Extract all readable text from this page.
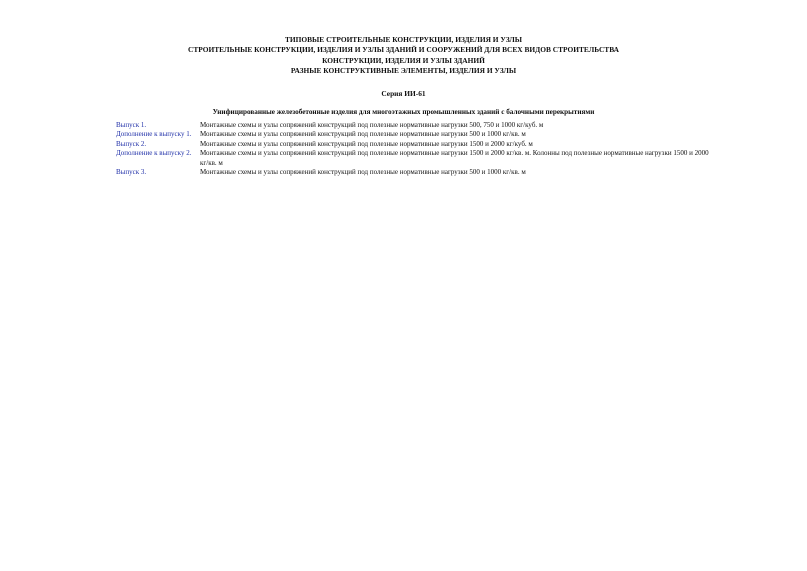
ТИПОВЫЕ СТРОИТЕЛЬНЫЕ КОНСТРУКЦИИ, ИЗДЕЛИЯ И УЗЛЫ
СТРОИТЕЛЬНЫЕ КОНСТРУКЦИИ, ИЗДЕЛИЯ И УЗЛЫ ЗДАНИЙ И СООРУЖЕНИЙ ДЛЯ ВСЕХ ВИДОВ СТРОИТЕЛЬСТВА
КОНСТРУКЦИИ, ИЗДЕЛИЯ И УЗЛЫ ЗДАНИЙ
РАЗНЫЕ КОНСТРУКТИВНЫЕ ЭЛЕМЕНТЫ, ИЗДЕЛИЯ И УЗЛЫ
Серия ИИ-61
Унифицированные железобетонные изделия для многоэтажных промышленных зданий с балочными перекрытиями
Выпуск 1.	Монтажные схемы и узлы сопряжений конструкций под полезные нормативные нагрузки 500, 750 и 1000 кг/куб. м
Дополнение к выпуску 1.	Монтажные схемы и узлы сопряжений конструкций под полезные нормативные нагрузки 500 и 1000 кг/кв. м
Выпуск 2.	Монтажные схемы и узлы сопряжений конструкций под полезные нормативные нагрузки 1500 и 2000 кг/куб. м
Дополнение к выпуску 2.	Монтажные схемы и узлы сопряжений конструкций под полезные нормативные нагрузки 1500 и 2000 кг/кв. м. Колонны под полезные нормативные нагрузки 1500 и 2000 кг/кв. м
Выпуск 3.	Монтажные схемы и узлы сопряжений конструкций под полезные нормативные нагрузки 500 и 1000 кг/кв. м
